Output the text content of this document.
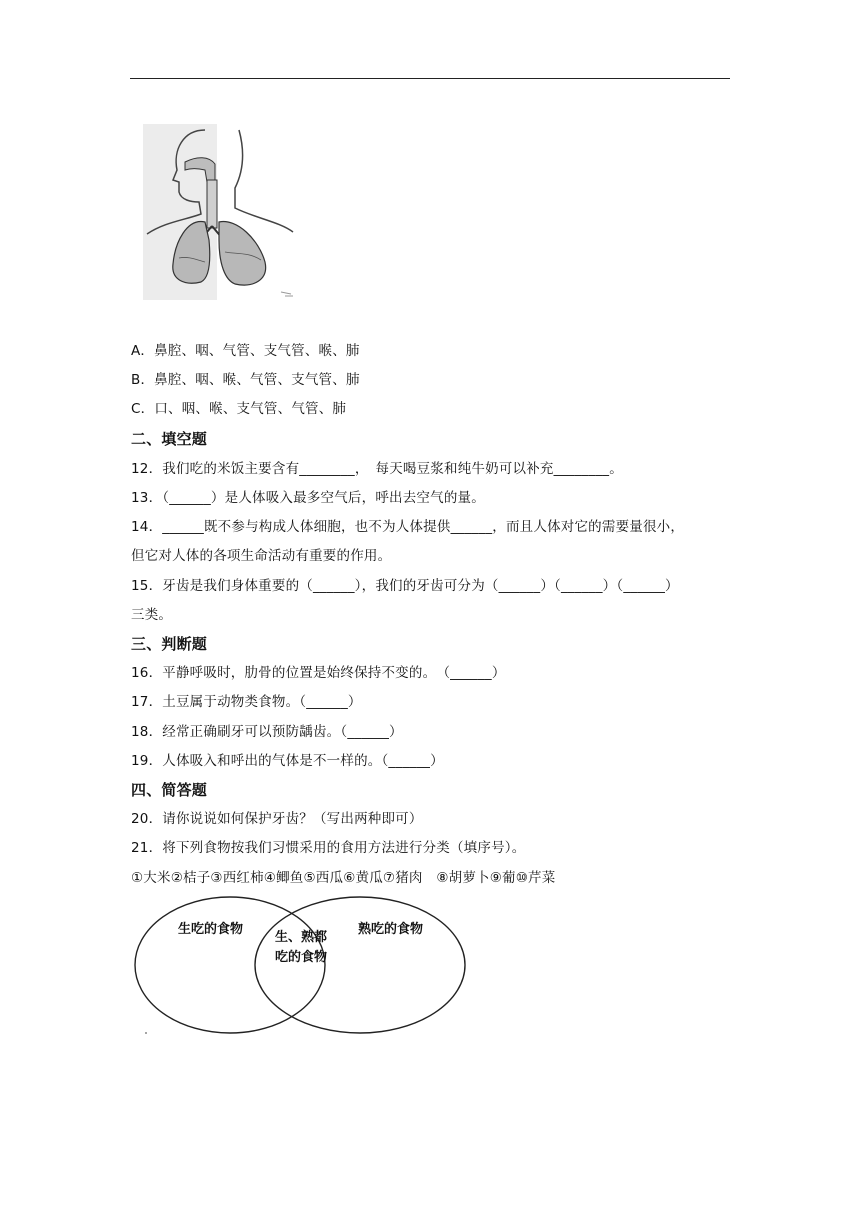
A．鼻腔、咽、气管、支气管、喉、肺
B．鼻腔、咽、喉、气管、支气管、肺
C．口、咽、喉、支气管、气管、肺
二、填空题
12．我们吃的米饭主要含有________，　每天喝豆浆和纯牛奶可以补充________。
13．（______）是人体吸入最多空气后，呼出去空气的量。
14．______既不参与构成人体细胞，也不为人体提供______，而且人体对它的需要量很小，
但它对人体的各项生命活动有重要的作用。
15．牙齿是我们身体重要的（______），我们的牙齿可分为（______）（______）（______）
三类。
三、判断题
16．平静呼吸时，肋骨的位置是始终保持不变的。　（______）
17．土豆属于动物类食物。（______）
18．经常正确刷牙可以预防龋齿。（______）
19．人体吸入和呼出的气体是不一样的。（______）
四、简答题
20．请你说说如何保护牙齿？（写出两种即可）
21．将下列食物按我们习惯采用的食用方法进行分类（填序号）。
①大米②桔子③西红柿④鲫鱼⑤西瓜⑥黄瓜⑦猪肉　⑧胡萝卜⑨葡⑩芹菜
生吃的食物
生、熟都
吃的食物
熟吃的食物
